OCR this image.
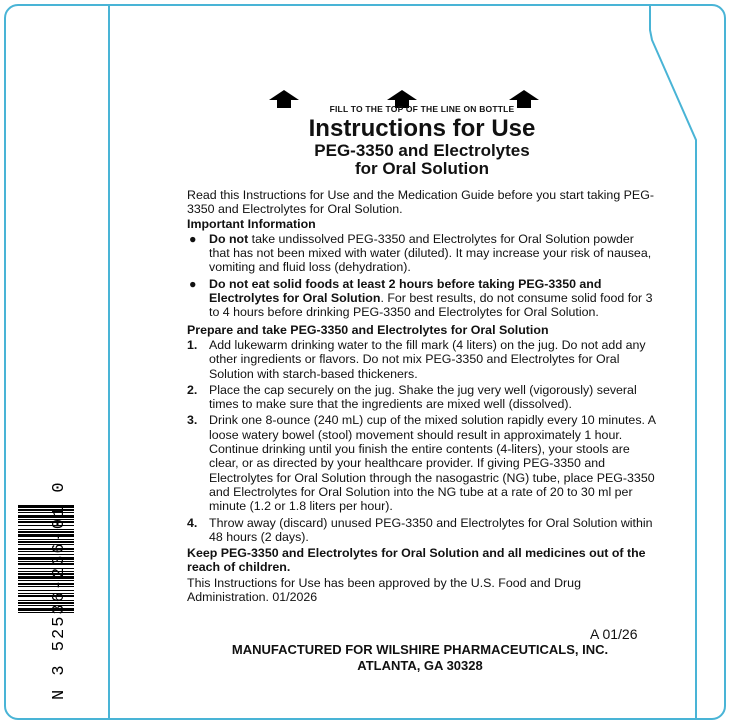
N 3 52536-236-01 0
FILL TO THE TOP OF THE LINE ON BOTTLE
Instructions for Use
PEG-3350 and Electrolytes
for Oral Solution

Read this Instructions for Use and the Medication Guide before you start taking PEG-3350 and Electrolytes for Oral Solution.

Important Information

● Do not take undissolved PEG-3350 and Electrolytes for Oral Solution powder that has not been mixed with water (diluted). It may increase your risk of nausea, vomiting and fluid loss (dehydration).
● Do not eat solid foods at least 2 hours before taking PEG-3350 and Electrolytes for Oral Solution. For best results, do not consume solid food for 3 to 4 hours before drinking PEG-3350 and Electrolytes for Oral Solution.

Prepare and take PEG-3350 and Electrolytes for Oral Solution

1. Add lukewarm drinking water to the fill mark (4 liters) on the jug. Do not add any other ingredients or flavors. Do not mix PEG-3350 and Electrolytes for Oral Solution with starch-based thickeners.
2. Place the cap securely on the jug. Shake the jug very well (vigorously) several times to make sure that the ingredients are mixed well (dissolved).
3. Drink one 8-ounce (240 mL) cup of the mixed solution rapidly every 10 minutes. A loose watery bowel (stool) movement should result in approximately 1 hour. Continue drinking until you finish the entire contents (4-liters), your stools are clear, or as directed by your healthcare provider. If giving PEG-3350 and Electrolytes for Oral Solution through the nasogastric (NG) tube, place PEG-3350 and Electrolytes for Oral Solution into the NG tube at a rate of 20 to 30 ml per minute (1.2 or 1.8 liters per hour).
4. Throw away (discard) unused PEG-3350 and Electrolytes for Oral Solution within 48 hours (2 days).

Keep PEG-3350 and Electrolytes for Oral Solution and all medicines out of the reach of children.

This Instructions for Use has been approved by the U.S. Food and Drug Administration. 01/2026

A 01/26
MANUFACTURED FOR WILSHIRE PHARMACEUTICALS, INC.
ATLANTA, GA 30328
